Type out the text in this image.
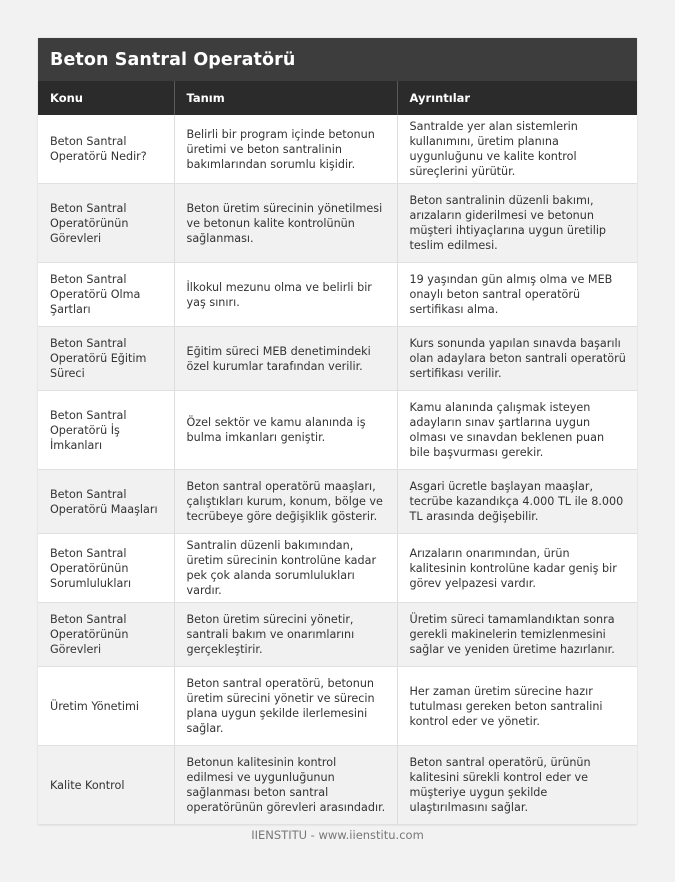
Beton Santral Operatörü
Konu	Tanım	Ayrıntılar
Beton Santral Operatörü Nedir?	Belirli bir program içinde betonun üretimi ve beton santralinin bakımlarından sorumlu kişidir.	Santralde yer alan sistemlerin kullanımını, üretim planına uygunluğunu ve kalite kontrol süreçlerini yürütür.
Beton Santral Operatörünün Görevleri	Beton üretim sürecinin yönetilmesi ve betonun kalite kontrolünün sağlanması.	Beton santralinin düzenli bakımı, arızaların giderilmesi ve betonun müşteri ihtiyaçlarına uygun üretilip teslim edilmesi.
Beton Santral Operatörü Olma Şartları	İlkokul mezunu olma ve belirli bir yaş sınırı.	19 yaşından gün almış olma ve MEB onaylı beton santral operatörü sertifikası alma.
Beton Santral Operatörü Eğitim Süreci	Eğitim süreci MEB denetimindeki özel kurumlar tarafından verilir.	Kurs sonunda yapılan sınavda başarılı olan adaylara beton santrali operatörü sertifikası verilir.
Beton Santral Operatörü İş İmkanları	Özel sektör ve kamu alanında iş bulma imkanları geniştir.	Kamu alanında çalışmak isteyen adayların sınav şartlarına uygun olması ve sınavdan beklenen puan bile başvurması gerekir.
Beton Santral Operatörü Maaşları	Beton santral operatörü maaşları, çalıştıkları kurum, konum, bölge ve tecrübeye göre değişiklik gösterir.	Asgari ücretle başlayan maaşlar, tecrübe kazandıkça 4.000 TL ile 8.000 TL arasında değişebilir.
Beton Santral Operatörünün Sorumlulukları	Santralin düzenli bakımından, üretim sürecinin kontrolüne kadar pek çok alanda sorumlulukları vardır.	Arızaların onarımından, ürün kalitesinin kontrolüne kadar geniş bir görev yelpazesi vardır.
Beton Santral Operatörünün Görevleri	Beton üretim sürecini yönetir, santrali bakım ve onarımlarını gerçekleştirir.	Üretim süreci tamamlandıktan sonra gerekli makinelerin temizlenmesini sağlar ve yeniden üretime hazırlanır.
Üretim Yönetimi	Beton santral operatörü, betonun üretim sürecini yönetir ve sürecin plana uygun şekilde ilerlemesini sağlar.	Her zaman üretim sürecine hazır tutulması gereken beton santralini kontrol eder ve yönetir.
Kalite Kontrol	Betonun kalitesinin kontrol edilmesi ve uygunluğunun sağlanması beton santral operatörünün görevleri arasındadır.	Beton santral operatörü, ürünün kalitesini sürekli kontrol eder ve müşteriye uygun şekilde ulaştırılmasını sağlar.
IIENSTITU - www.iienstitu.com
